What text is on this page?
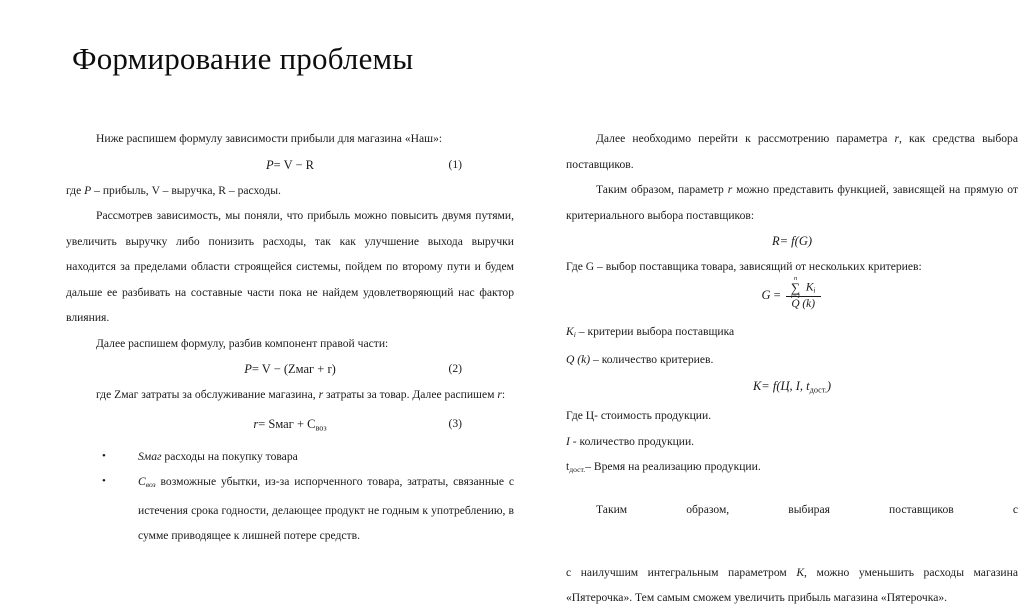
Формирование проблемы

Ниже распишем формулу зависимости прибыли для магазина «Наш»:

P= V − R	(1)

где P – прибыль, V – выручка, R – расходы.

Рассмотрев зависимость, мы поняли, что прибыль можно повысить двумя путями, увеличить выручку либо понизить расходы, так как улучшение выхода выручки находится за пределами области строящейся системы, пойдем по второму пути и будем дальше ее разбивать на составные части пока не найдем удовлетворяющий нас фактор влияния.

Далее распишем формулу, разбив компонент правой части:

P= V − (Zмаг + r)	(2)

где Zмаг затраты за обслуживание магазина, r затраты за товар. Далее распишем r:

r= Sмаг + $С_{воз}$	(3)
•	Sмаг расходы на покупку товара
•	Своз возможные убытки, из-за испорченного товара, затраты, связанные с истечения срока годности, делающее продукт не годным к употреблению, в сумме приводящее к лишней потере средств.

Далее необходимо перейти к рассмотрению параметра r, как средства выбора поставщиков.

Таким образом, параметр r можно представить функцией, зависящей на прямую от критериального выбора поставщиков:

R= f(G)

Где G – выбор поставщика товара, зависящий от нескольких критериев:

G = n
∑
i=1
Ki
Q (k)

Ki – критерии выбора поставщика

Q (k) – количество критериев.

K= f(Ц, I, $t_{дост.}$)

Где Ц- стоимость продукции.

I - количество продукции.

$t_{дост.}-$ Время на реализацию продукции.

Таким образом, выбирая поставщиков с

с наилучшим интегральным параметром K, можно уменьшить расходы магазина «Пятерочка». Тем самым сможем увеличить прибыль магазина «Пятерочка».
